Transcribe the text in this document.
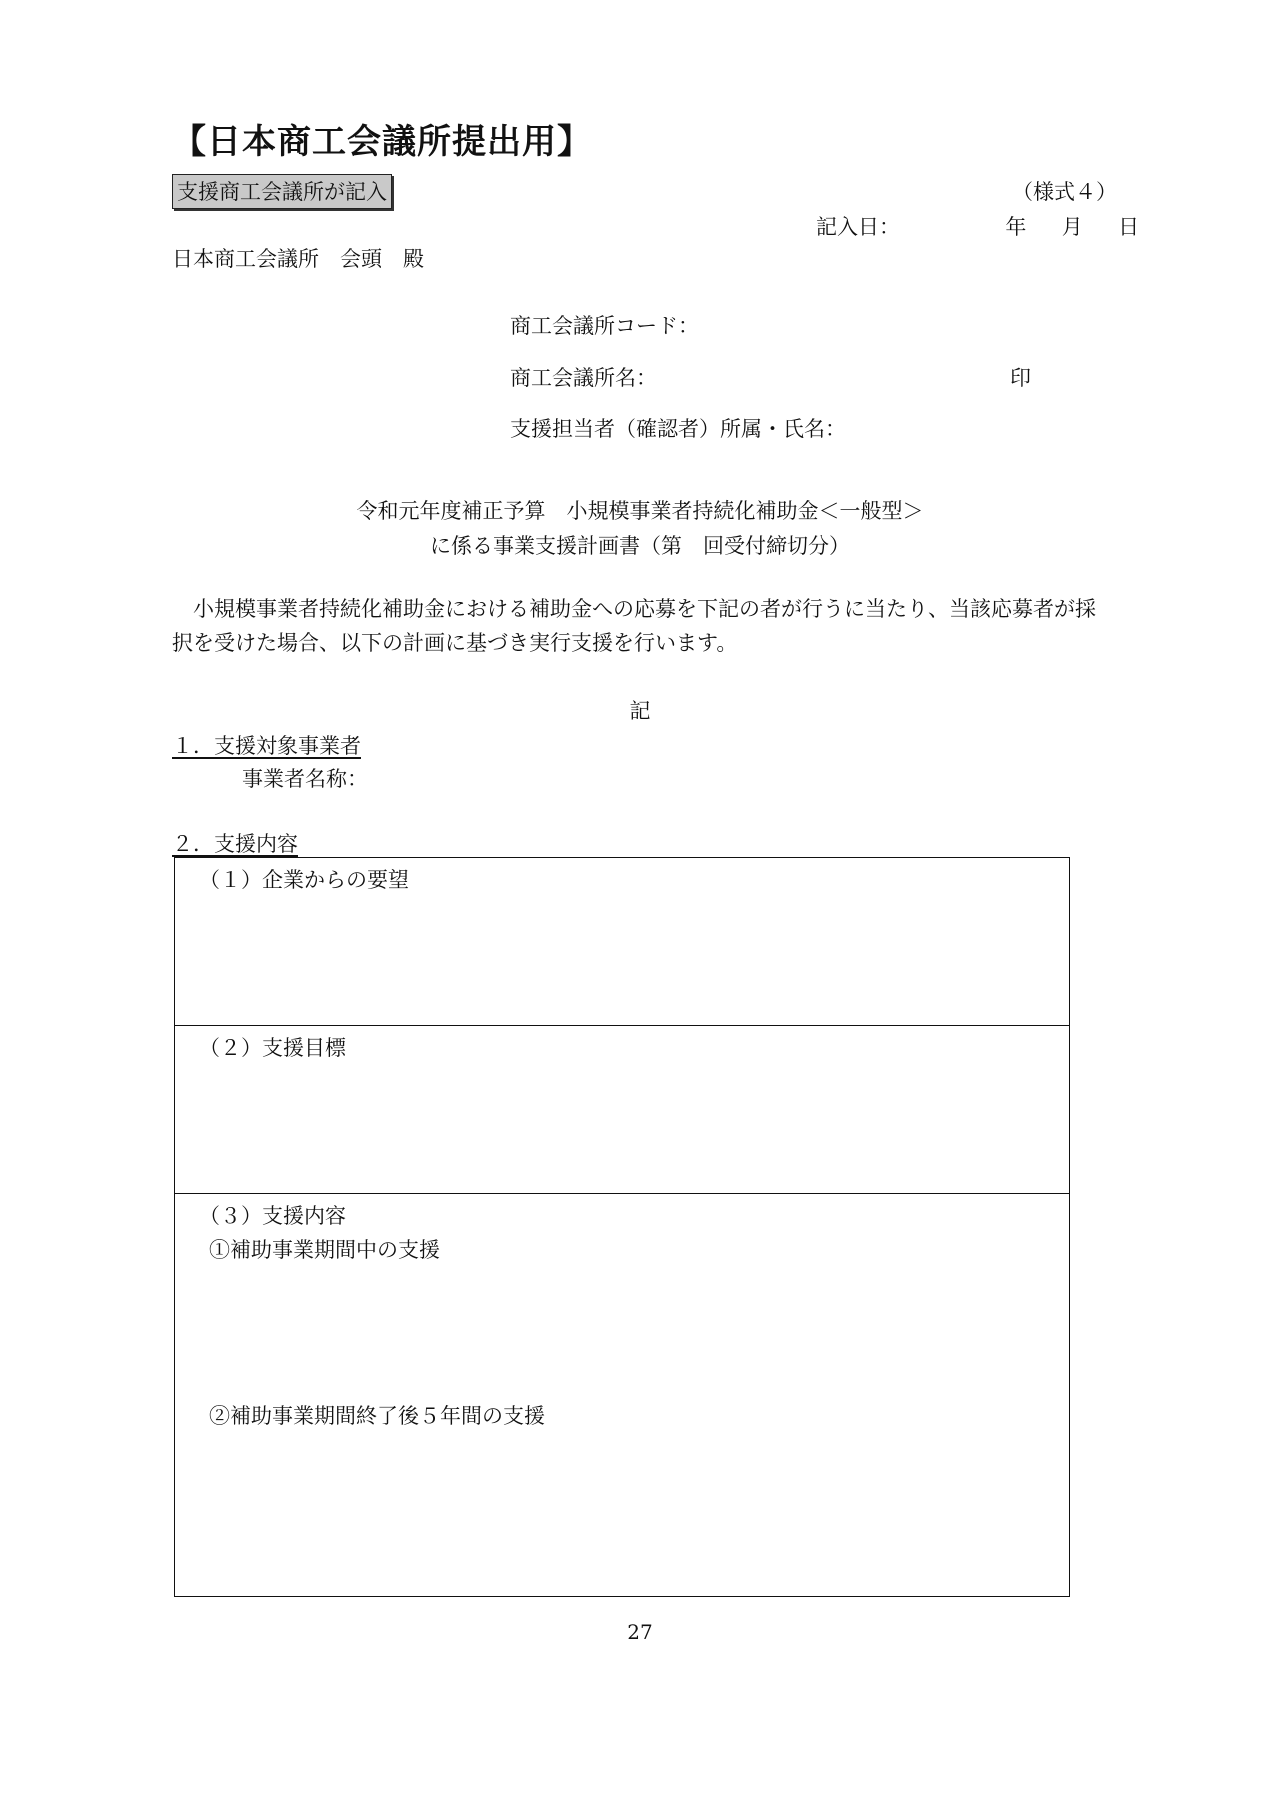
【日本商工会議所提出用】
支援商工会議所が記入	（様式４）
記入日：	年 月 日
日本商工会議所　会頭　殿
商工会議所コード：
商工会議所名：	印
支援担当者（確認者）所属・氏名：
令和元年度補正予算　小規模事業者持続化補助金＜一般型＞
に係る事業支援計画書（第　回受付締切分）
小規模事業者持続化補助金における補助金への応募を下記の者が行うに当たり、当該応募者が採択を受けた場合、以下の計画に基づき実行支援を行います。
記
１．支援対象事業者
事業者名称：
２．支援内容
（１）企業からの要望
（２）支援目標
（３）支援内容
①補助事業期間中の支援
②補助事業期間終了後５年間の支援
27
